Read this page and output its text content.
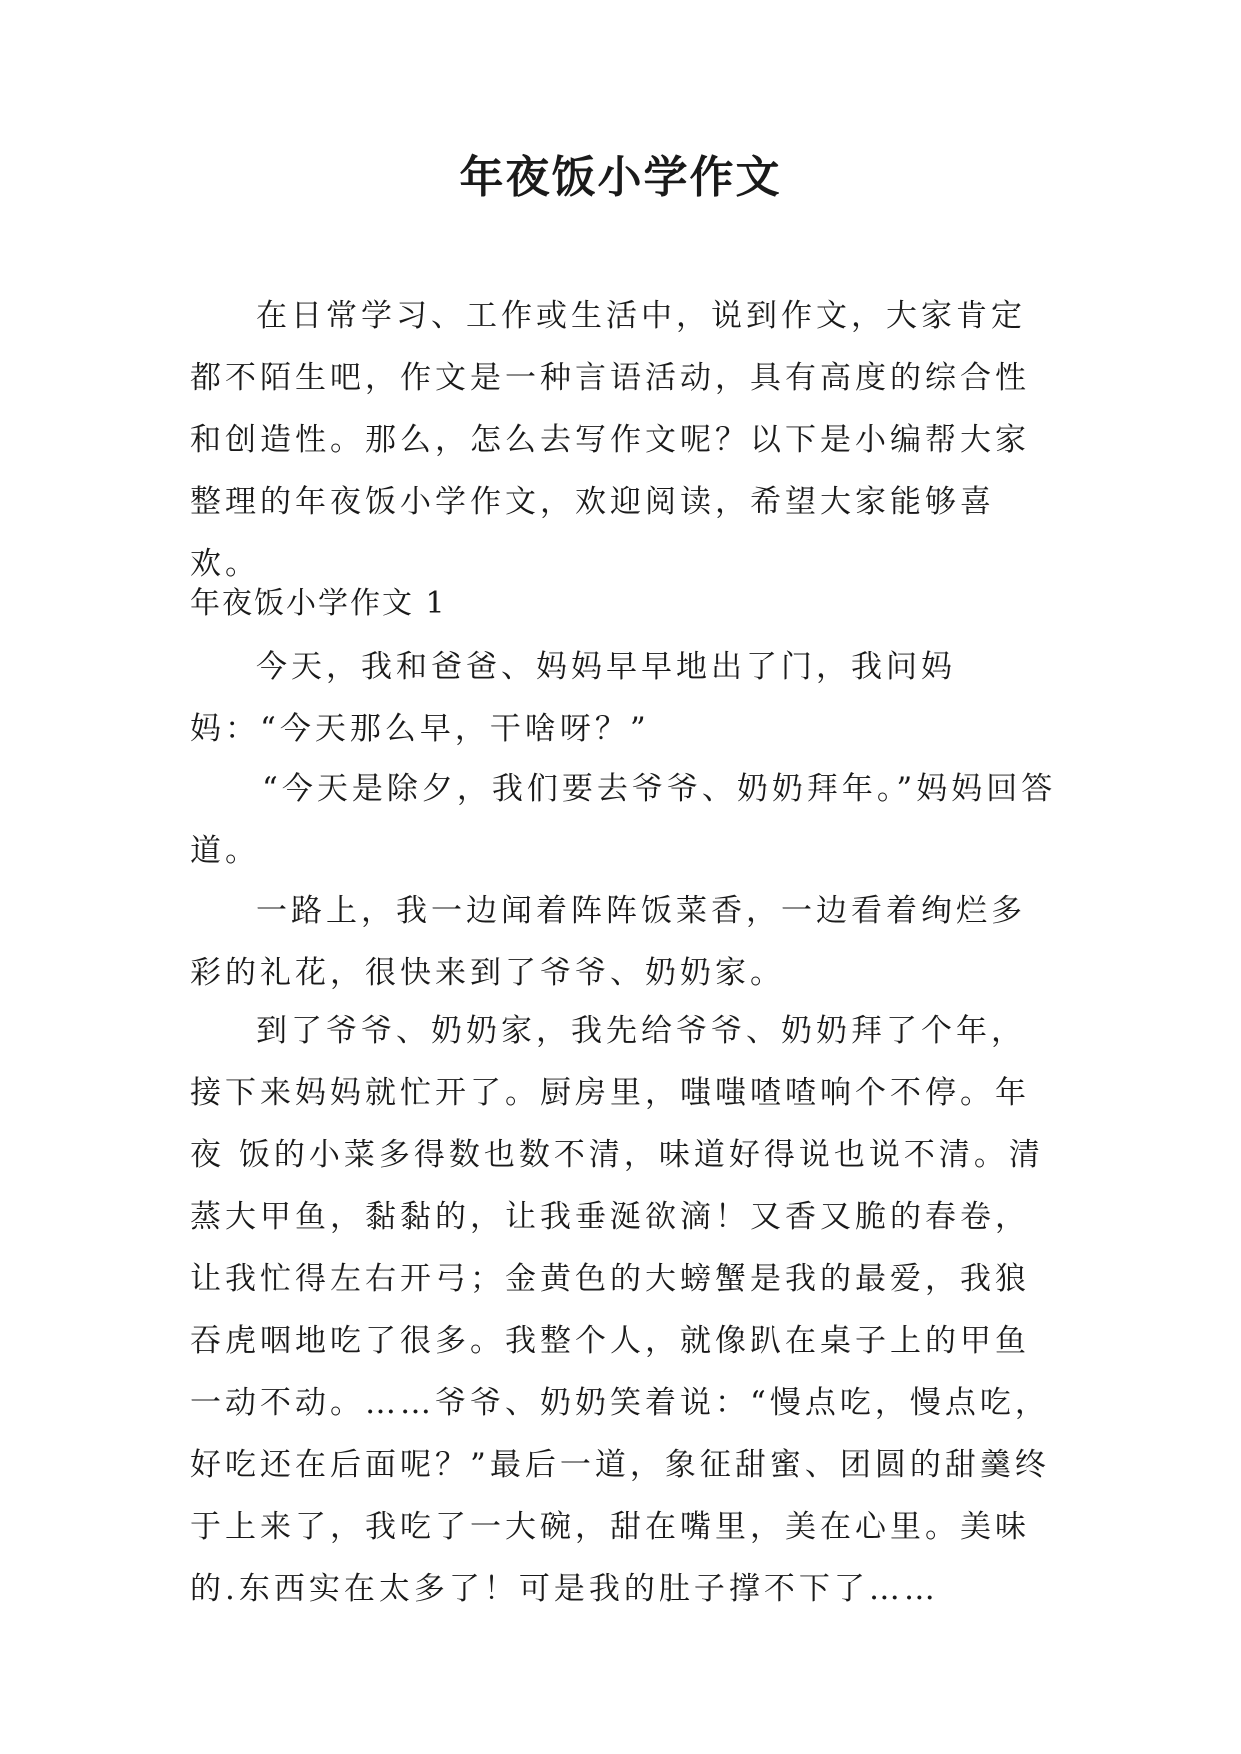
年夜饭小学作文

在日常学习、工作或生活中，说到作文，大家肯定都不陌生吧，作文是一种言语活动，具有高度的综合性和创造性。那么，怎么去写作文呢？以下是小编帮大家整理的年夜饭小学作文，欢迎阅读，希望大家能够喜欢。

年夜饭小学作文 1

今天，我和爸爸、妈妈早早地出了门，我问妈妈：“今天那么早，干啥呀？”

“今天是除夕，我们要去爷爷、奶奶拜年。”妈妈回答道。

一路上，我一边闻着阵阵饭菜香，一边看着绚烂多彩的礼花，很快来到了爷爷、奶奶家。

到了爷爷、奶奶家，我先给爷爷、奶奶拜了个年，接下来妈妈就忙开了。厨房里，嗤嗤喳喳响个不停。年 夜 饭的小菜多得数也数不清，味道好得说也说不清。清蒸大甲鱼，黏黏的，让我垂涎欲滴！又香又脆的春卷，让我忙得左右开弓；金黄色的大螃蟹是我的最爱，我狼吞虎咽地吃了很多。我整个人，就像趴在桌子上的甲鱼一动不动。……爷爷、奶奶笑着说：“慢点吃，慢点吃，好吃还在后面呢？”最后一道，象征甜蜜、团圆的甜羹终于上来了，我吃了一大碗，甜在嘴里，美在心里。美味的.东西实在太多了！可是我的肚子撑不下了……
